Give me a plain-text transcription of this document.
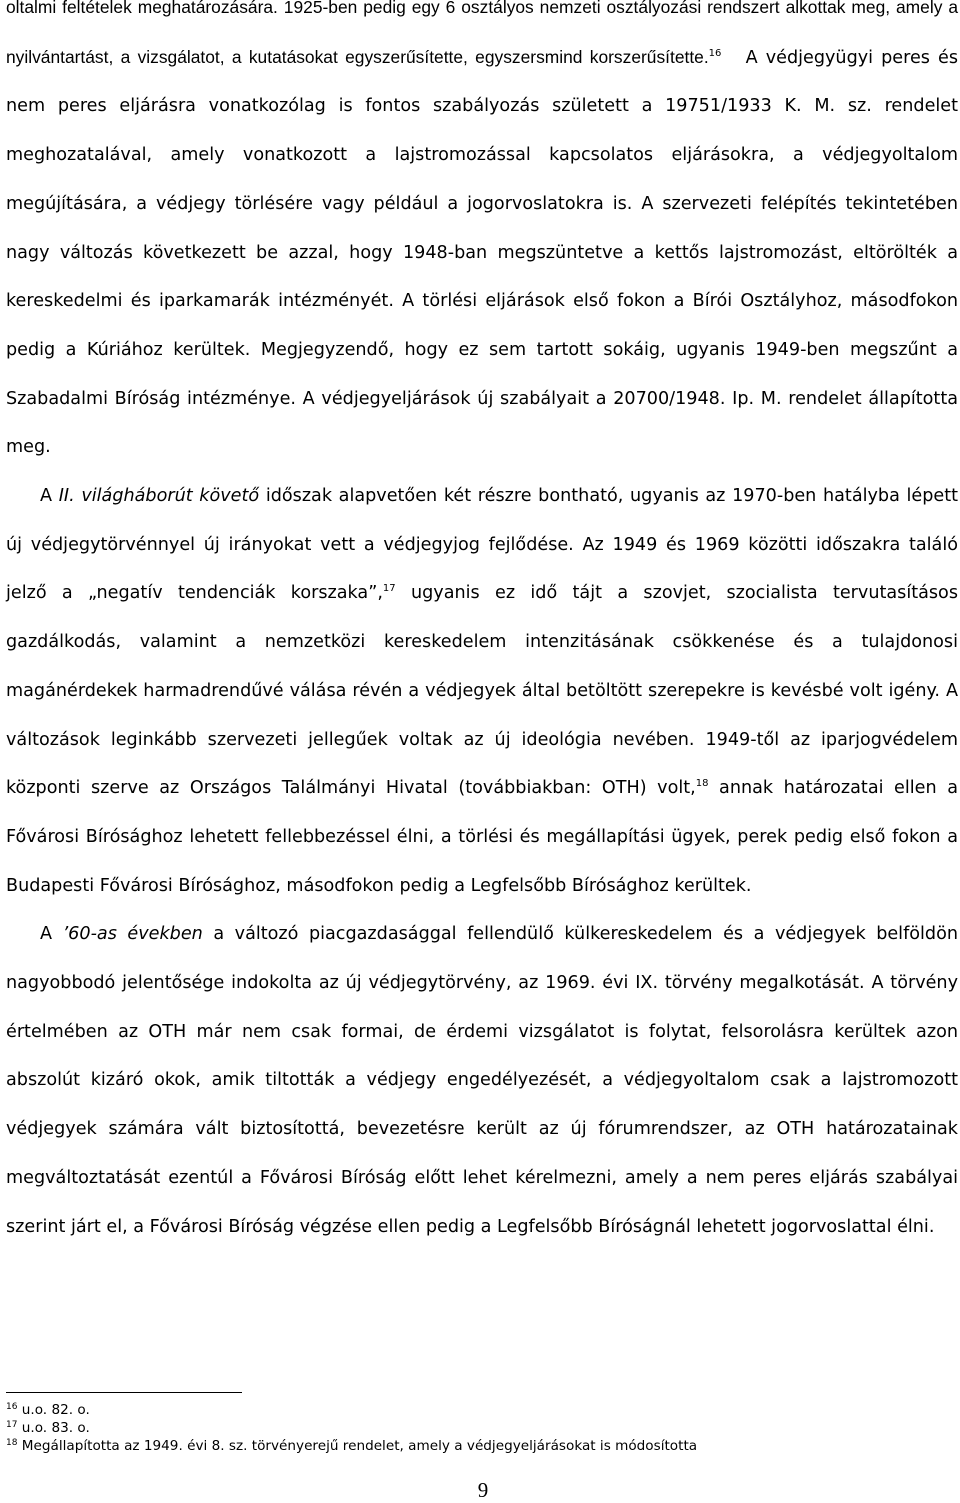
oltalmi feltételek meghatározására. 1925-ben pedig egy 6 osztályos nemzeti osztályozási rendszert alkottak meg, amely a nyilvántartást, a vizsgálatot, a kutatásokat egyszerűsítette, egyszersmind korszerűsítette.$^{16}$ A védjegyügyi peres és nem peres eljárásra vonatkozólag is fontos szabályozás született a 19751/1933 K. M. sz. rendelet meghozatalával, amely vonatkozott a lajstromozással kapcsolatos eljárásokra, a védjegyoltalom megújítására, a védjegy törlésére vagy például a jogorvoslatokra is. A szervezeti felépítés tekintetében nagy változás következett be azzal, hogy 1948-ban megszüntetve a kettős lajstromozást, eltörölték a kereskedelmi és iparkamarák intézményét. A törlési eljárások első fokon a Bírói Osztályhoz, másodfokon pedig a Kúriához kerültek. Megjegyzendő, hogy ez sem tartott sokáig, ugyanis 1949-ben megszűnt a Szabadalmi Bíróság intézménye. A védjegyeljárások új szabályait a 20700/1948. Ip. M. rendelet állapította meg.

A II. világháborút követő időszak alapvetően két részre bontható, ugyanis az 1970-ben hatályba lépett új védjegytörvénnyel új irányokat vett a védjegyjog fejlődése. Az 1949 és 1969 közötti időszakra találó jelző a „negatív tendenciák korszaka”,$^{17}$ ugyanis ez idő tájt a szovjet, szocialista tervutasításos gazdálkodás, valamint a nemzetközi kereskedelem intenzitásának csökkenése és a tulajdonosi magánérdekek harmadrendűvé válása révén a védjegyek által betöltött szerepekre is kevésbé volt igény. A változások leginkább szervezeti jellegűek voltak az új ideológia nevében. 1949-től az iparjogvédelem központi szerve az Országos Találmányi Hivatal (továbbiakban: OTH) volt,$^{18}$ annak határozatai ellen a Fővárosi Bírósághoz lehetett fellebbezéssel élni, a törlési és megállapítási ügyek, perek pedig első fokon a Budapesti Fővárosi Bírósághoz, másodfokon pedig a Legfelsőbb Bírósághoz kerültek.

A ’60-as években a változó piacgazdasággal fellendülő külkereskedelem és a védjegyek belföldön nagyobbodó jelentősége indokolta az új védjegytörvény, az 1969. évi IX. törvény megalkotását. A törvény értelmében az OTH már nem csak formai, de érdemi vizsgálatot is folytat, felsorolásra kerültek azon abszolút kizáró okok, amik tiltották a védjegy engedélyezését, a védjegyoltalom csak a lajstromozott védjegyek számára vált biztosítottá, bevezetésre került az új fórumrendszer, az OTH határozatainak megváltoztatását ezentúl a Fővárosi Bíróság előtt lehet kérelmezni, amely a nem peres eljárás szabályai szerint járt el, a Fővárosi Bíróság végzése ellen pedig a Legfelsőbb Bíróságnál lehetett jogorvoslattal élni.

$^{16}$ u.o. 82. o.
$^{17}$ u.o. 83. o.
$^{18}$ Megállapította az 1949. évi 8. sz. törvényerejű rendelet, amely a védjegyeljárásokat is módosította
9
